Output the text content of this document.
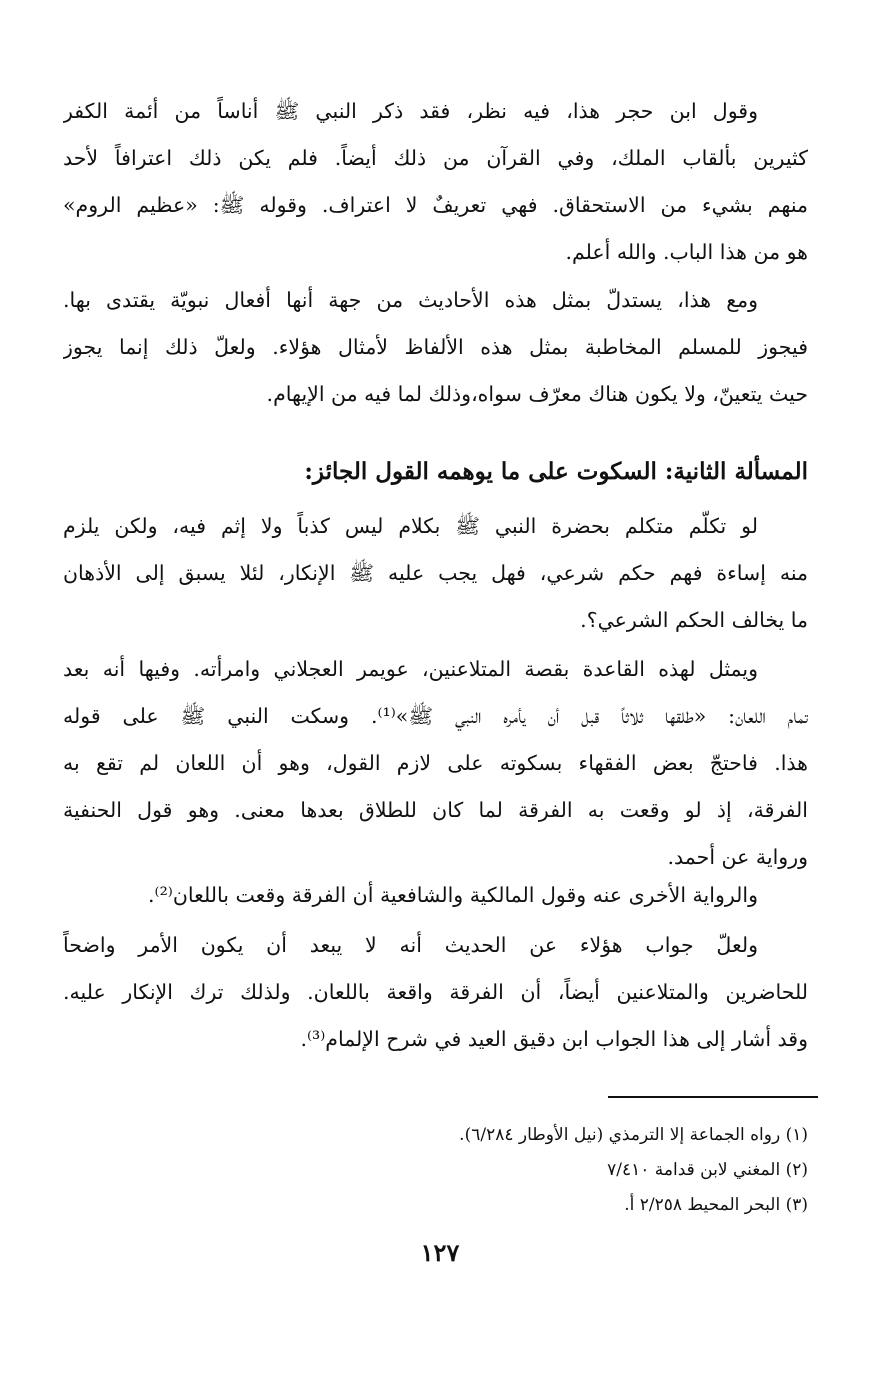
وقول ابن حجر هذا، فيه نظر، فقد ذكر النبي ﷺ أناساً من أئمة الكفر
كثيرين بألقاب الملك، وفي القرآن من ذلك أيضاً. فلم يكن ذلك اعترافاً لأحد
منهم بشيء من الاستحقاق. فهي تعريفٌ لا اعتراف. وقوله ﷺ: «عظيم الروم»
هو من هذا الباب. والله أعلم.
ومع هذا، يستدلّ بمثل هذه الأحاديث من جهة أنها أفعال نبويّة يقتدى بها.
فيجوز للمسلم المخاطبة بمثل هذه الألفاظ لأمثال هؤلاء. ولعلّ ذلك إنما يجوز
حيث يتعينّ، ولا يكون هناك معرّف سواه،وذلك لما فيه من الإيهام.
المسألة الثانية: السكوت على ما يوهمه القول الجائز:
لو تكلّم متكلم بحضرة النبي ﷺ بكلام ليس كذباً ولا إثم فيه، ولكن يلزم
منه إساءة فهم حكم شرعي، فهل يجب عليه ﷺ الإنكار، لئلا يسبق إلى الأذهان
ما يخالف الحكم الشرعي؟.
ويمثل لهذه القاعدة بقصة المتلاعنين، عويمر العجلاني وامرأته. وفيها أنه بعد
تمام اللعان: «طلقها ثلاثاً قبل أن يأمره النبي ﷺ»⁽¹⁾. وسكت النبي ﷺ على قوله
هذا. فاحتجّ بعض الفقهاء بسكوته على لازم القول، وهو أن اللعان لم تقع به
الفرقة، إذ لو وقعت به الفرقة لما كان للطلاق بعدها معنى. وهو قول الحنفية
ورواية عن أحمد.
والرواية الأخرى عنه وقول المالكية والشافعية أن الفرقة وقعت باللعان⁽²⁾.
ولعلّ جواب هؤلاء عن الحديث أنه لا يبعد أن يكون الأمر واضحاً
للحاضرين والمتلاعنين أيضاً، أن الفرقة واقعة باللعان. ولذلك ترك الإنكار عليه.
وقد أشار إلى هذا الجواب ابن دقيق العيد في شرح الإلمام⁽³⁾.
(١) رواه الجماعة إلا الترمذي (نيل الأوطار ٦/٢٨٤).
(٢) المغني لابن قدامة ٧/٤١٠
(٣) البحر المحيط ٢/٢٥٨ أ.
١٢٧
